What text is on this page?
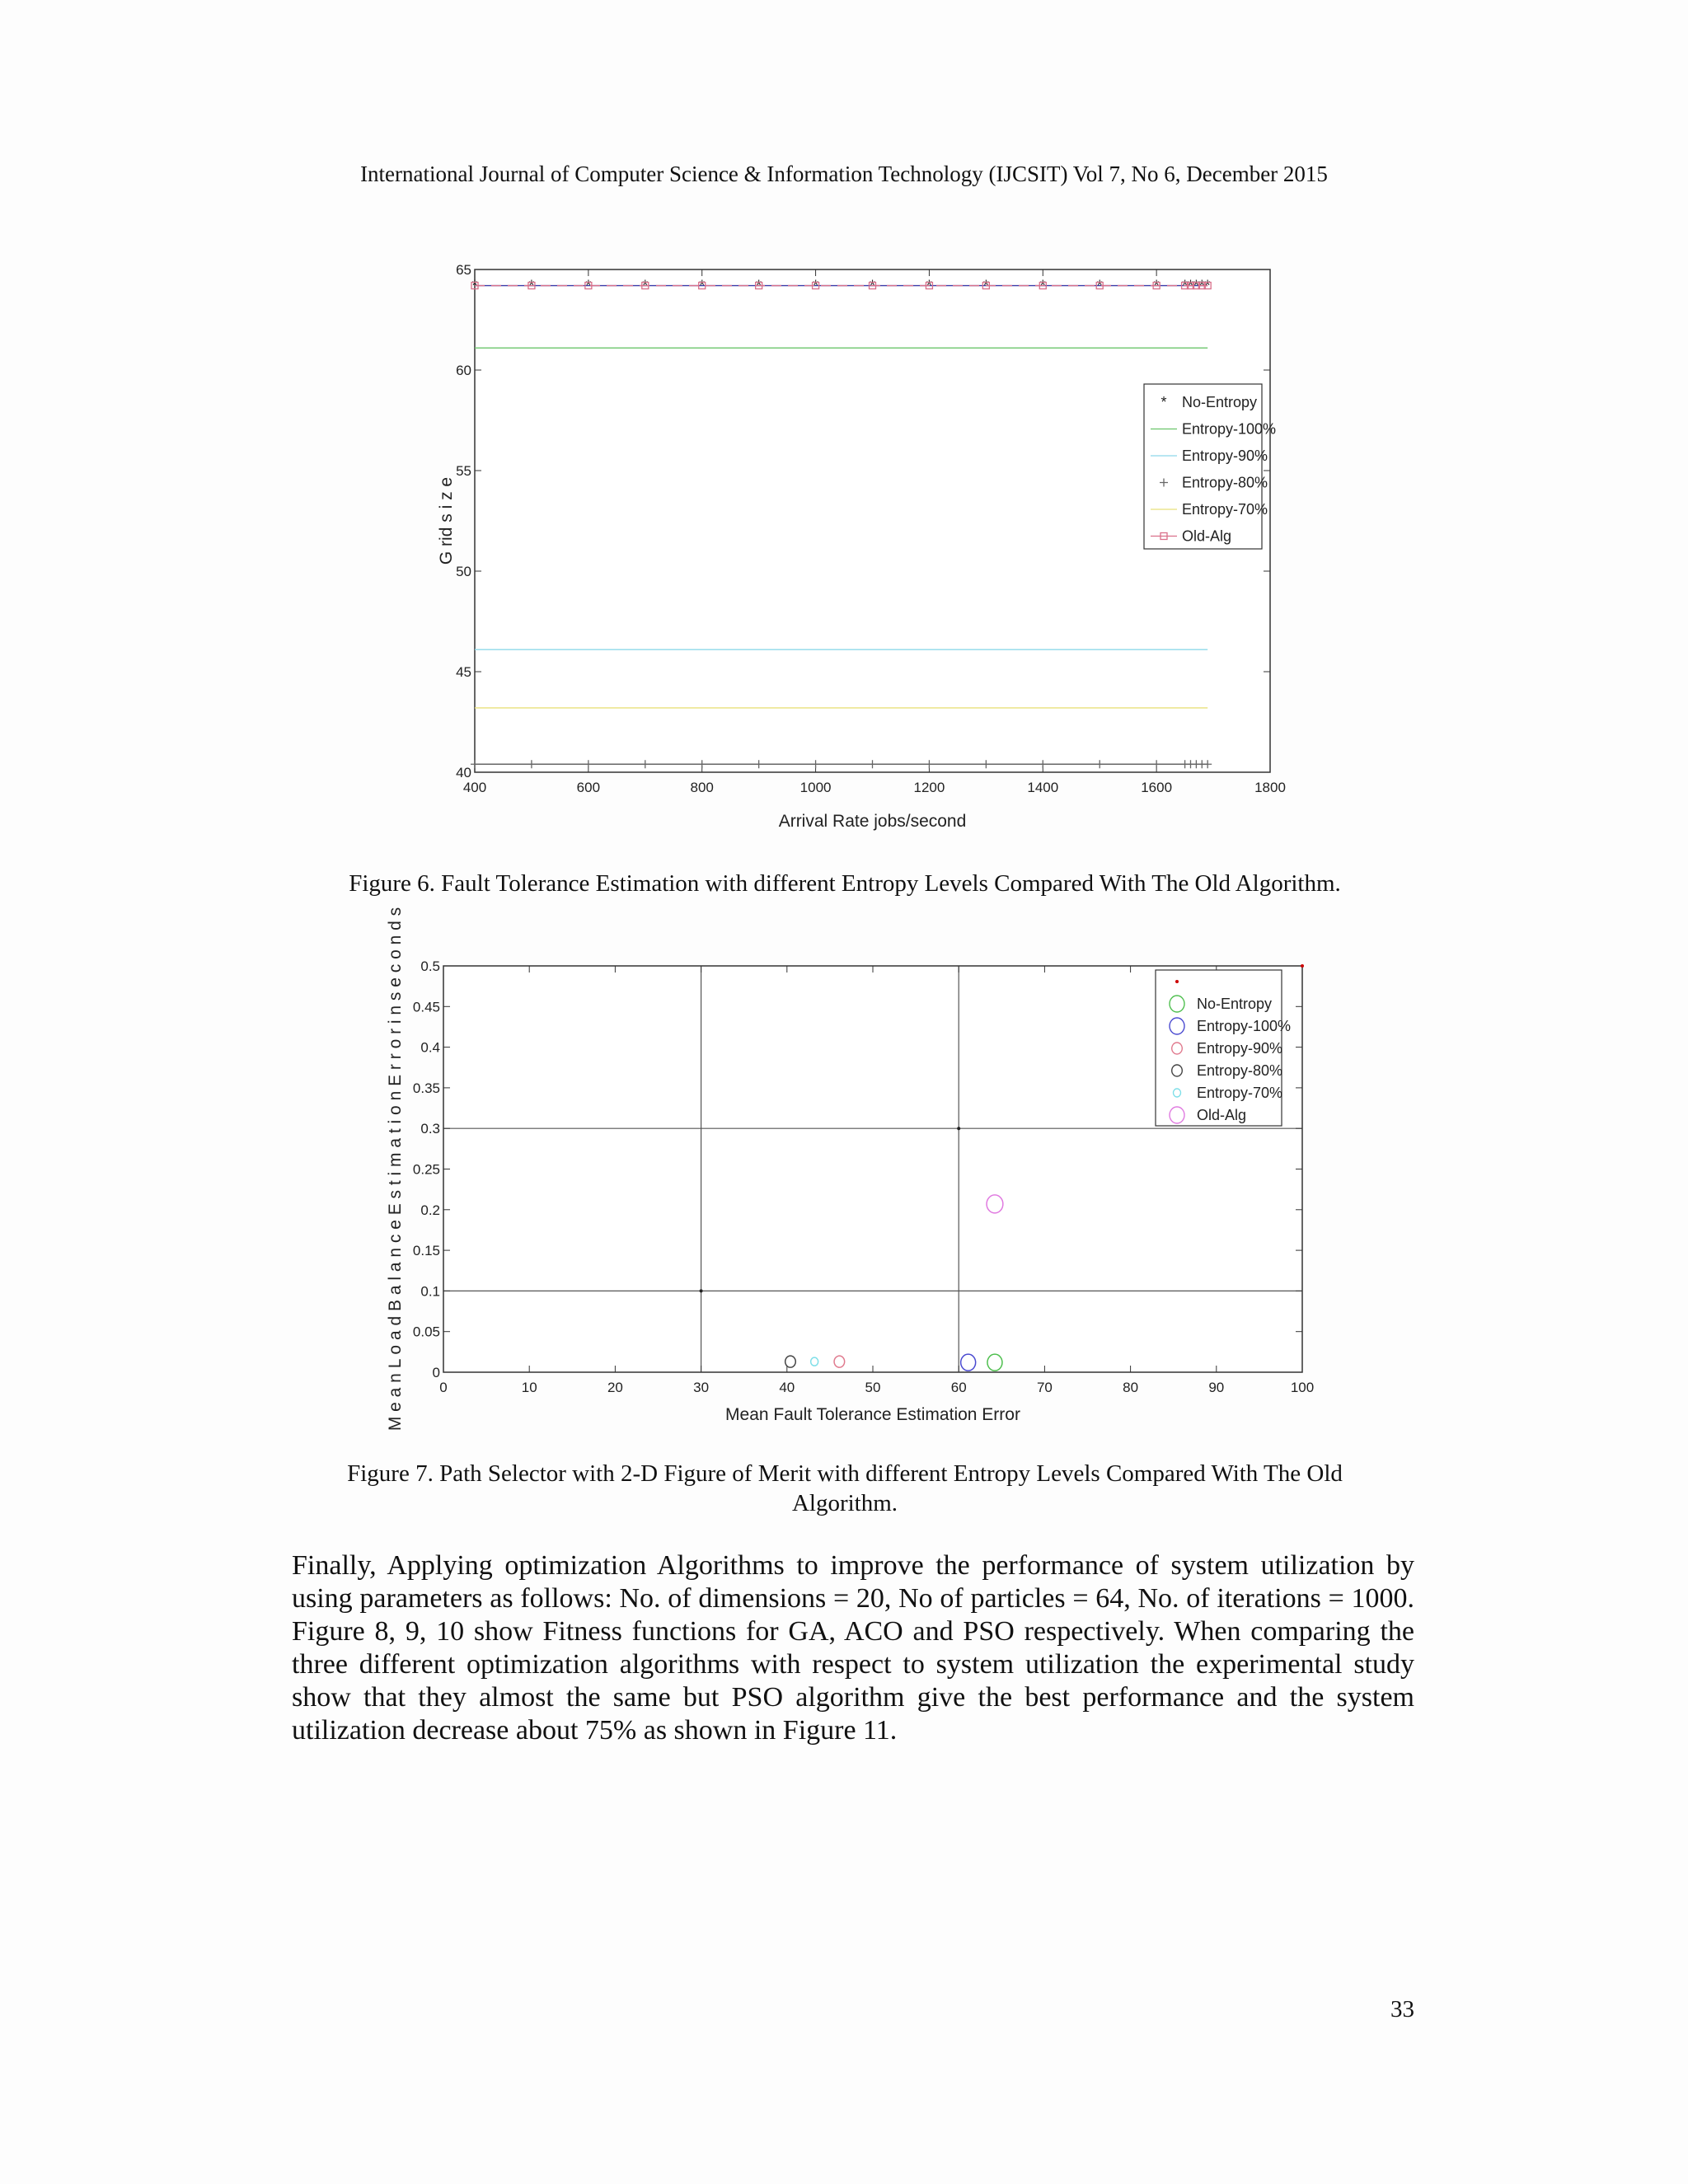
International Journal of Computer Science & Information Technology (IJCSIT) Vol 7, No 6, December 2015
400	600	800	1000	1200	1400	1600	1800
40
45
50
55
60
65
Arrival Rate jobs/second
G rid s i z e
*	*	*	*	*	*	*	*	*	*	*	*	* * * * * *
* No-Entropy
Entropy-100%
Entropy-90%
Entropy-80%
Entropy-70%
Old-Alg
Figure 6. Fault Tolerance Estimation with different Entropy Levels Compared With The Old Algorithm.
0	10	20	30	40	50	60	70	80	90	100
0
0.05
0.1
0.15
0.2
0.25
0.3
0.35
0.4
0.45
0.5
Mean Fault Tolerance Estimation Error
M e a n L o a d B a l a n c e E s t i m a t i o n E r r o r i n s e c o n d s	No-Entropy
Entropy-100%
Entropy-90%
Entropy-80%
Entropy-70%
Old-Alg
Figure 7. Path Selector with 2-D Figure of Merit with different Entropy Levels Compared With The Old
Algorithm.
Finally, Applying optimization Algorithms to improve the performance of system utilization by using parameters as follows: No. of dimensions = 20, No of particles = 64, No. of iterations = 1000. Figure 8, 9, 10 show Fitness functions for GA, ACO and PSO respectively. When comparing the three different optimization algorithms with respect to system utilization the experimental study show that they almost the same but PSO algorithm give the best performance and the system utilization decrease about 75% as shown in Figure 11.
33
